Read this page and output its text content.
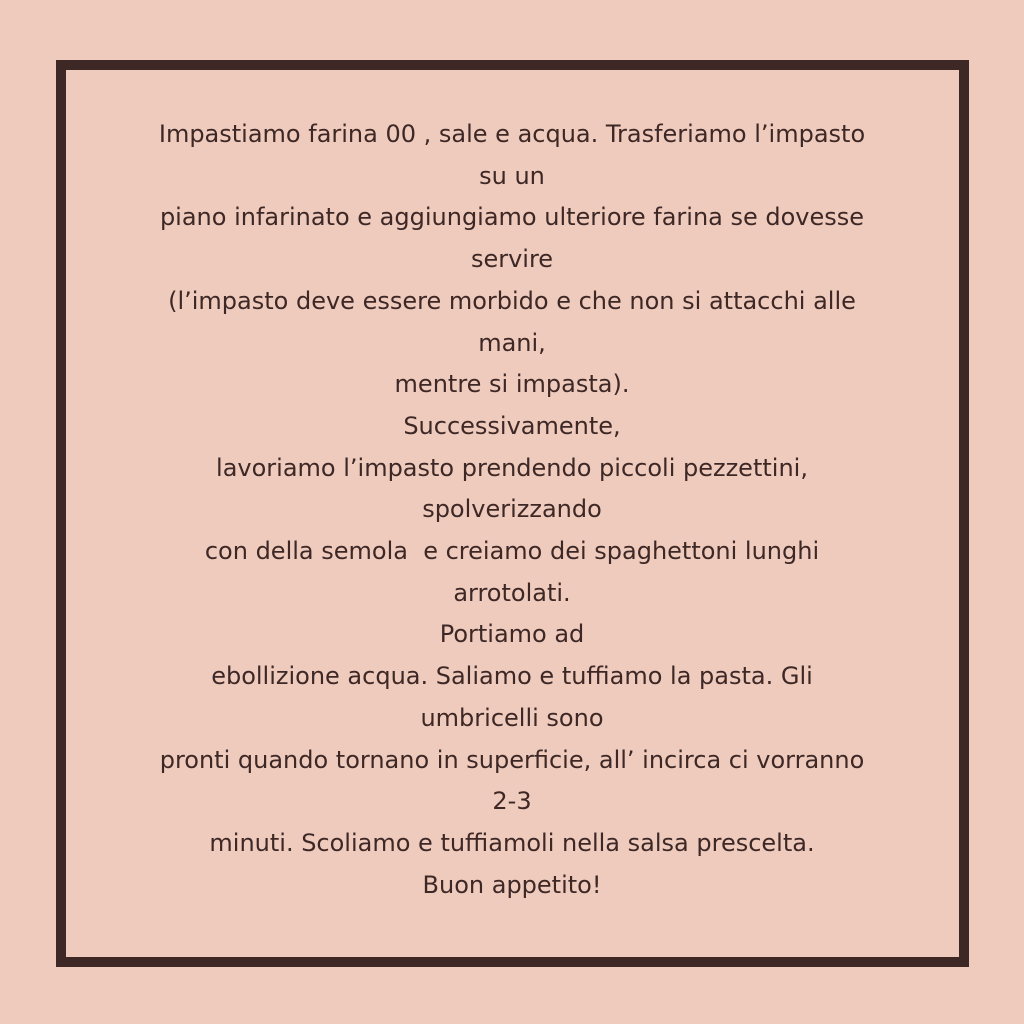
Impastiamo farina 00 , sale e acqua. Trasferiamo l’impasto
su un
piano infarinato e aggiungiamo ulteriore farina se dovesse
servire
(l’impasto deve essere morbido e che non si attacchi alle
mani,
mentre si impasta).
Successivamente,
lavoriamo l’impasto prendendo piccoli pezzettini,
spolverizzando
con della semola  e creiamo dei spaghettoni lunghi
arrotolati.
Portiamo ad
ebollizione acqua. Saliamo e tuffiamo la pasta. Gli
umbricelli sono
pronti quando tornano in superficie, all’ incirca ci vorranno
2-3
minuti. Scoliamo e tuffiamoli nella salsa prescelta.
Buon appetito!
